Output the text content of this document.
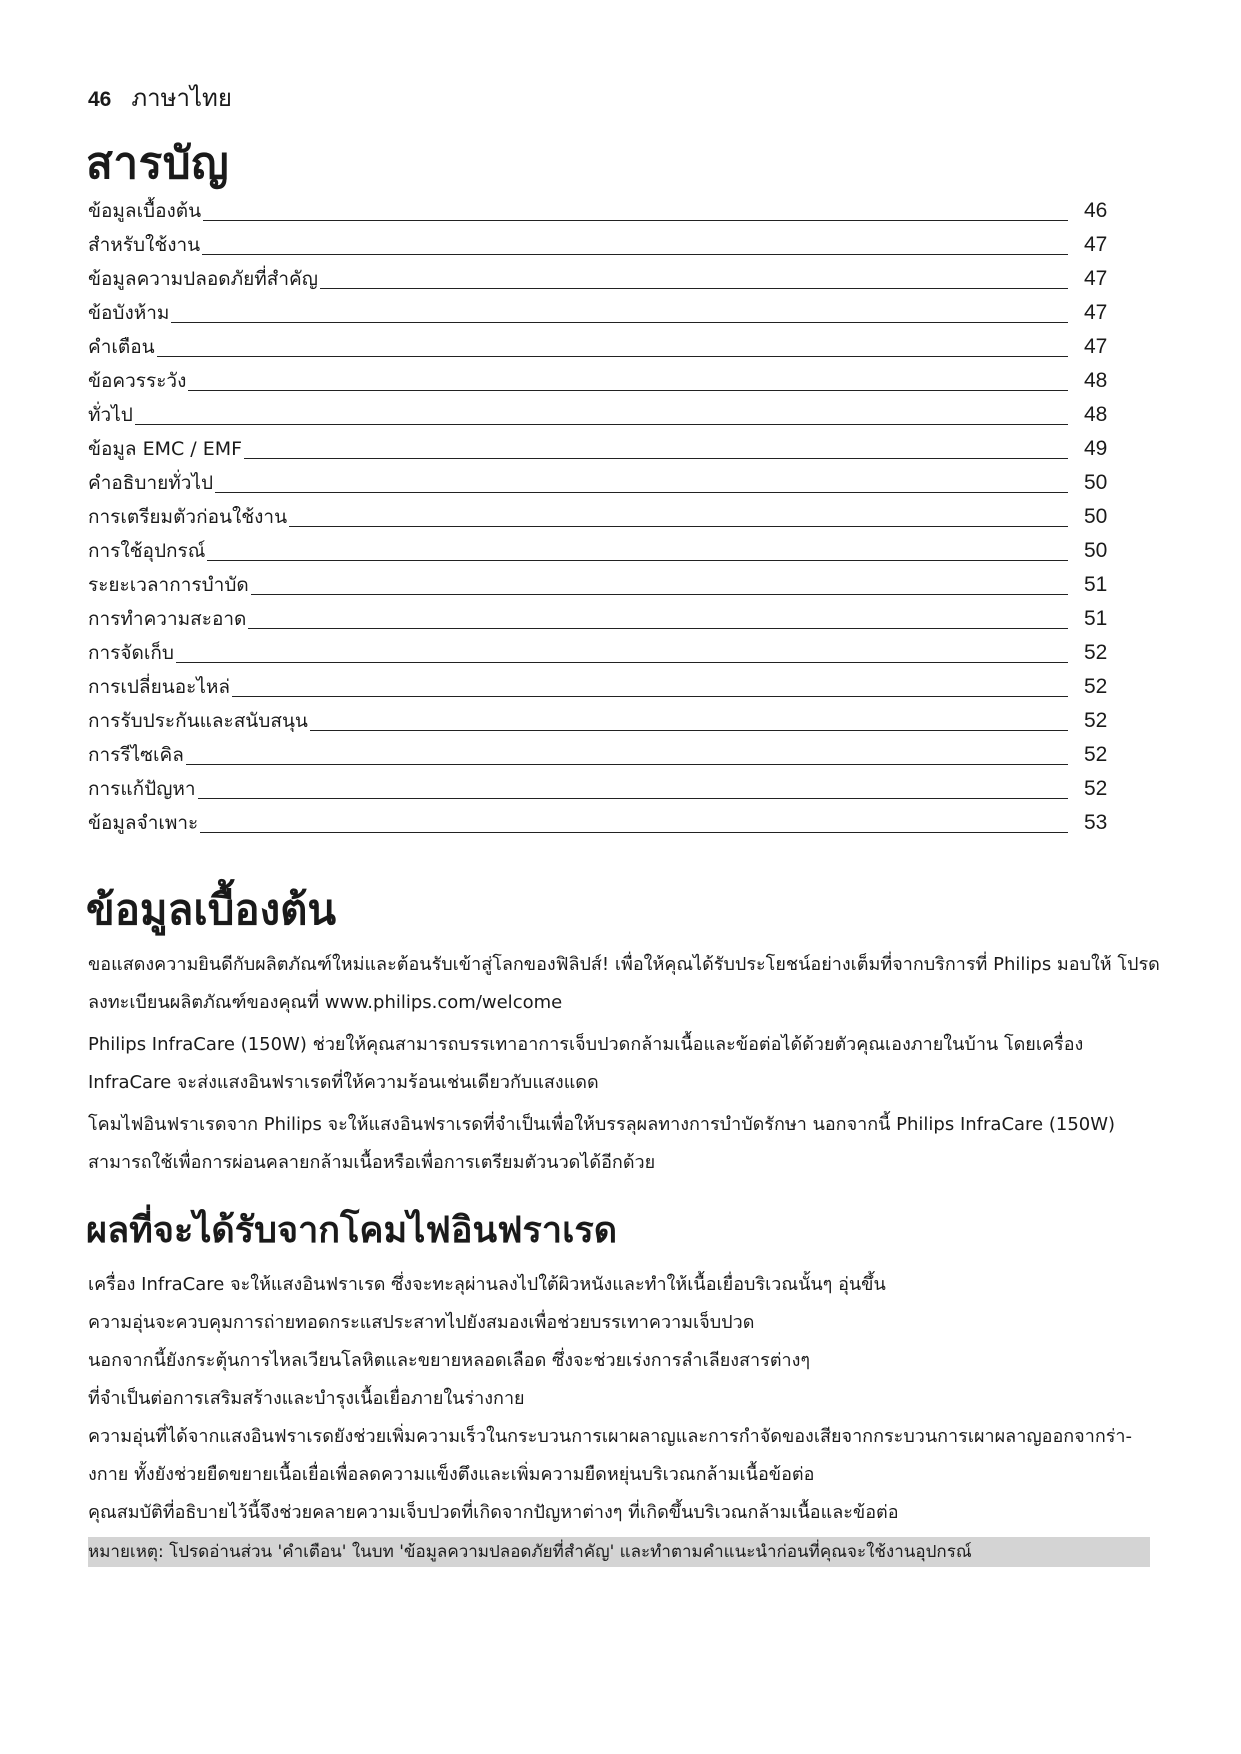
46 ภาษาไทย
สารบัญ
ข้อมูลเบื้องต้น	46
สำหรับใช้งาน	47
ข้อมูลความปลอดภัยที่สำคัญ	47
ข้อบังห้าม	47
คำเตือน	47
ข้อควรระวัง	48
ทั่วไป	48
ข้อมูล EMC / EMF	49
คำอธิบายทั่วไป	50
การเตรียมตัวก่อนใช้งาน	50
การใช้อุปกรณ์	50
ระยะเวลาการบำบัด	51
การทำความสะอาด	51
การจัดเก็บ	52
การเปลี่ยนอะไหล่	52
การรับประกันและสนับสนุน	52
การรีไซเคิล	52
การแก้ปัญหา	52
ข้อมูลจำเพาะ	53
ข้อมูลเบื้องต้น

ขอแสดงความยินดีกับผลิตภัณฑ์ใหม่และต้อนรับเข้าสู่โลกของฟิลิปส์! เพื่อให้คุณได้รับประโยชน์อย่างเต็มที่จากบริการที่ Philips มอบให้ โปรดลงทะเบียนผลิตภัณฑ์ของคุณที่ www.philips.com/welcome

Philips InfraCare (150W) ช่วยให้คุณสามารถบรรเทาอาการเจ็บปวดกล้ามเนื้อและข้อต่อได้ด้วยตัวคุณเองภายในบ้าน โดยเครื่อง InfraCare จะส่งแสงอินฟราเรดที่ให้ความร้อนเช่นเดียวกับแสงแดด

โคมไฟอินฟราเรดจาก Philips จะให้แสงอินฟราเรดที่จำเป็นเพื่อให้บรรลุผลทางการบำบัดรักษา นอกจากนี้ Philips InfraCare (150W) สามารถใช้เพื่อการผ่อนคลายกล้ามเนื้อหรือเพื่อการเตรียมตัวนวดได้อีกด้วย

ผลที่จะได้รับจากโคมไฟอินฟราเรด
เครื่อง InfraCare จะให้แสงอินฟราเรด ซึ่งจะทะลุผ่านลงไปใต้ผิวหนังและทำให้เนื้อเยื่อบริเวณนั้นๆ อุ่นขึ้น
ความอุ่นจะควบคุมการถ่ายทอดกระแสประสาทไปยังสมองเพื่อช่วยบรรเทาความเจ็บปวด
นอกจากนี้ยังกระตุ้นการไหลเวียนโลหิตและขยายหลอดเลือด ซึ่งจะช่วยเร่งการลำเลียงสารต่างๆ
ที่จำเป็นต่อการเสริมสร้างและบำรุงเนื้อเยื่อภายในร่างกาย
ความอุ่นที่ได้จากแสงอินฟราเรดยังช่วยเพิ่มความเร็วในกระบวนการเผาผลาญและการกำจัดของเสียจากกระบวนการเผาผลาญออกจากร่า-
งกาย ทั้งยังช่วยยืดขยายเนื้อเยื่อเพื่อลดความแข็งตึงและเพิ่มความยืดหยุ่นบริเวณกล้ามเนื้อข้อต่อ
คุณสมบัติที่อธิบายไว้นี้จึงช่วยคลายความเจ็บปวดที่เกิดจากปัญหาต่างๆ ที่เกิดขึ้นบริเวณกล้ามเนื้อและข้อต่อ
หมายเหตุ: โปรดอ่านส่วน 'คำเตือน' ในบท 'ข้อมูลความปลอดภัยที่สำคัญ' และทำตามคำแนะนำก่อนที่คุณจะใช้งานอุปกรณ์
